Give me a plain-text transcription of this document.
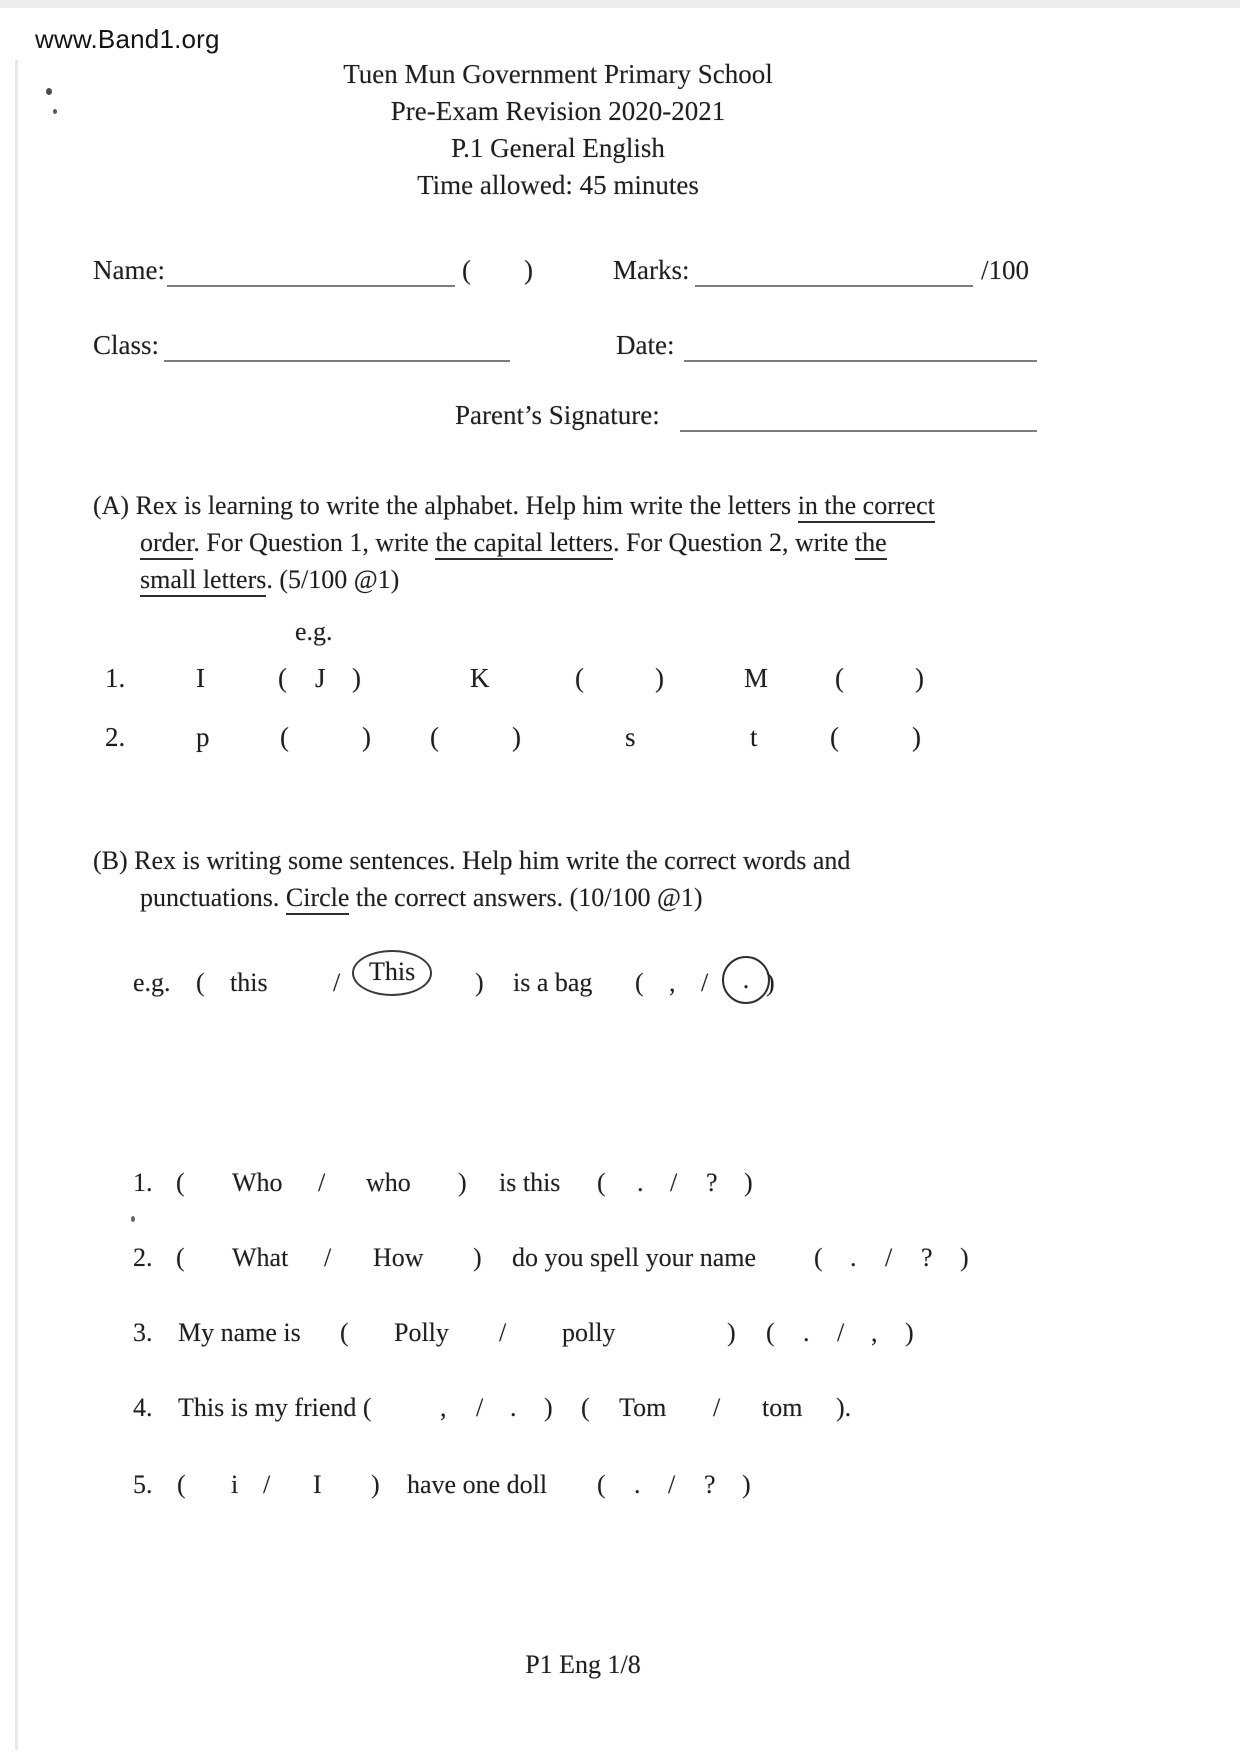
www.Band1.org
Tuen Mun Government Primary School
Pre-Exam Revision 2020-2021
P.1 General English
Time allowed: 45 minutes
Name:	( )	Marks:	/100
Class:	Date:
Parent’s Signature:
(A) Rex is learning to write the alphabet. Help him write the letters in the correct
order. For Question 1, write the capital letters. For Question 2, write the
small letters. (5/100 @1)
e.g.
1.	I	( J )	K	(	)	M (	)
2.	p	(	) (	)	s	t	(	)
(B) Rex is writing some sentences. Help him write the correct words and
punctuations. Circle the correct answers. (10/100 @1)
e.g. ( this	/	This	) is a bag ( , / . )
1. ( Who / who ) is this ( . / ? )
2. ( What / How ) do you spell your name ( . / ? )
3. My name is ( Polly / polly	) ( . / , )
4. This is my friend (	, / . ) ( Tom / tom ).
5. ( i / I ) have one doll ( . / ? )
P1 Eng 1/8
